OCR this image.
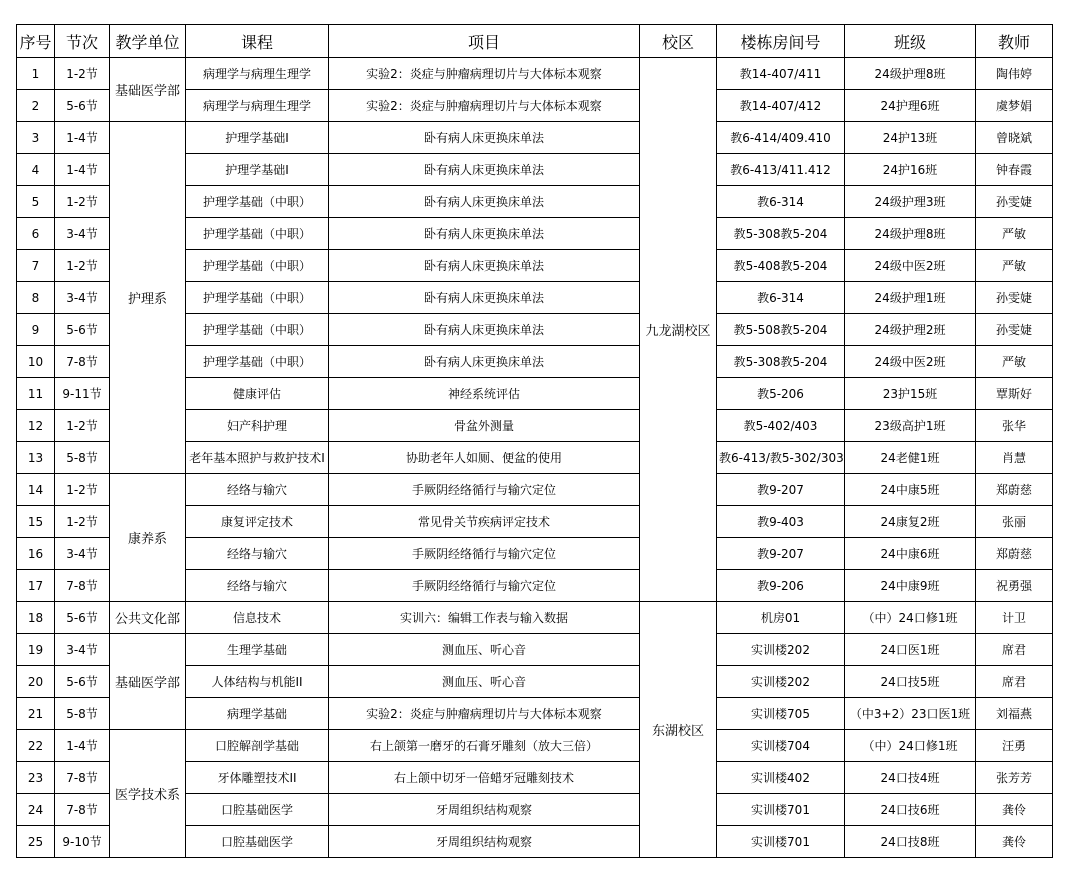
序号	节次	教学单位	课程	项目	校区	楼栋房间号	班级	教师
1	1-2节	基础医学部	病理学与病理生理学	实验2：炎症与肿瘤病理切片与大体标本观察	九龙湖校区	教14-407/411	24级护理8班	陶伟婷
2	5-6节		病理学与病理生理学	实验2：炎症与肿瘤病理切片与大体标本观察		教14-407/412	24护理6班	虞梦娟
3	1-4节	护理系	护理学基础I	卧有病人床更换床单法		教6-414/409.410	24护13班	曾晓斌
4	1-4节		护理学基础I	卧有病人床更换床单法		教6-413/411.412	24护16班	钟春霞
5	1-2节		护理学基础（中职）	卧有病人床更换床单法		教6-314	24级护理3班	孙雯婕
6	3-4节		护理学基础（中职）	卧有病人床更换床单法		教5-308教5-204	24级护理8班	严敏
7	1-2节		护理学基础（中职）	卧有病人床更换床单法		教5-408教5-204	24级中医2班	严敏
8	3-4节		护理学基础（中职）	卧有病人床更换床单法		教6-314	24级护理1班	孙雯婕
9	5-6节		护理学基础（中职）	卧有病人床更换床单法		教5-508教5-204	24级护理2班	孙雯婕
10	7-8节		护理学基础（中职）	卧有病人床更换床单法		教5-308教5-204	24级中医2班	严敏
11	9-11节		健康评估	神经系统评估		教5-206	23护15班	覃斯好
12	1-2节		妇产科护理	骨盆外测量		教5-402/403	23级高护1班	张华
13	5-8节		老年基本照护与救护技术I	协助老年人如厕、便盆的使用		教6-413/教5-302/303	24老健1班	肖慧
14	1-2节	康养系	经络与输穴	手厥阴经络循行与输穴定位		教9-207	24中康5班	郑蔚慈
15	1-2节		康复评定技术	常见骨关节疾病评定技术		教9-403	24康复2班	张丽
16	3-4节		经络与输穴	手厥阴经络循行与输穴定位		教9-207	24中康6班	郑蔚慈
17	7-8节		经络与输穴	手厥阴经络循行与输穴定位		教9-206	24中康9班	祝勇强
18	5-6节	公共文化部	信息技术	实训六：编辑工作表与输入数据	东湖校区	机房01	（中）24口修1班	计卫
19	3-4节	基础医学部	生理学基础	测血压、听心音		实训楼202	24口医1班	席君
20	5-6节		人体结构与机能II	测血压、听心音		实训楼202	24口技5班	席君
21	5-8节		病理学基础	实验2：炎症与肿瘤病理切片与大体标本观察		实训楼705	（中3+2）23口医1班	刘福燕
22	1-4节	医学技术系	口腔解剖学基础	右上颌第一磨牙的石膏牙雕刻（放大三倍）		实训楼704	（中）24口修1班	汪勇
23	7-8节		牙体雕塑技术II	右上颌中切牙一倍蜡牙冠雕刻技术		实训楼402	24口技4班	张芳芳
24	7-8节		口腔基础医学	牙周组织结构观察		实训楼701	24口技6班	龚伶
25	9-10节		口腔基础医学	牙周组织结构观察		实训楼701	24口技8班	龚伶
